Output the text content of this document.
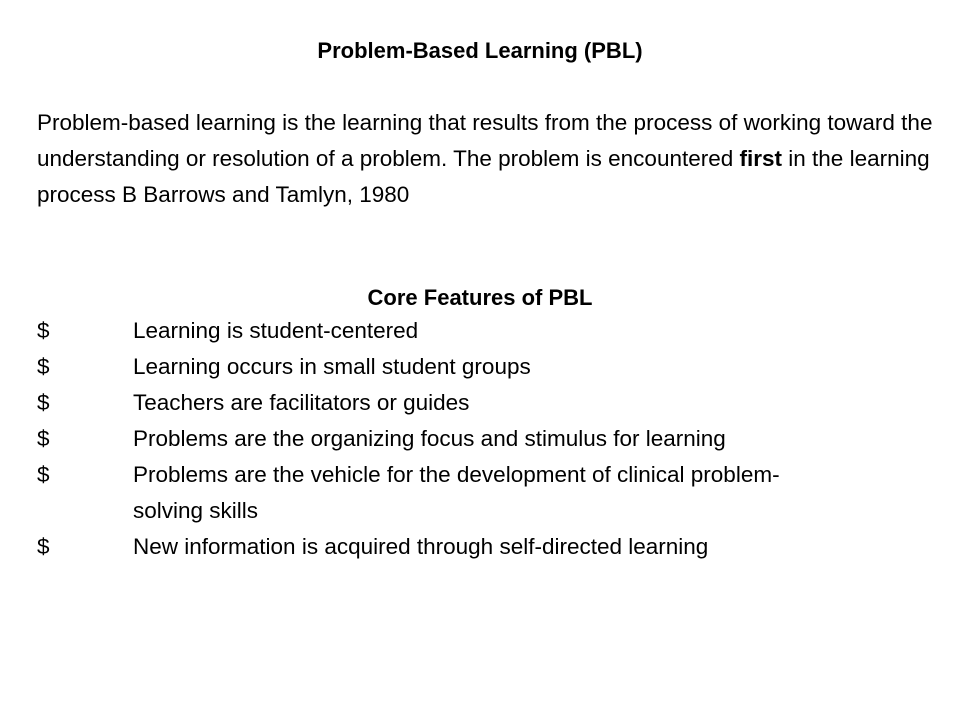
Problem-Based Learning (PBL)

Problem-based learning is the learning that results from the process of working toward the understanding or resolution of a problem. The problem is encountered first in the learning process B Barrows and Tamlyn, 1980

Core Features of PBL
$	Learning is student-centered
$	Learning occurs in small student groups
$	Teachers are facilitators or guides
$	Problems are the organizing focus and stimulus for learning
$	Problems are the vehicle for the development of clinical problem-solving skills
$	New information is acquired through self-directed learning
